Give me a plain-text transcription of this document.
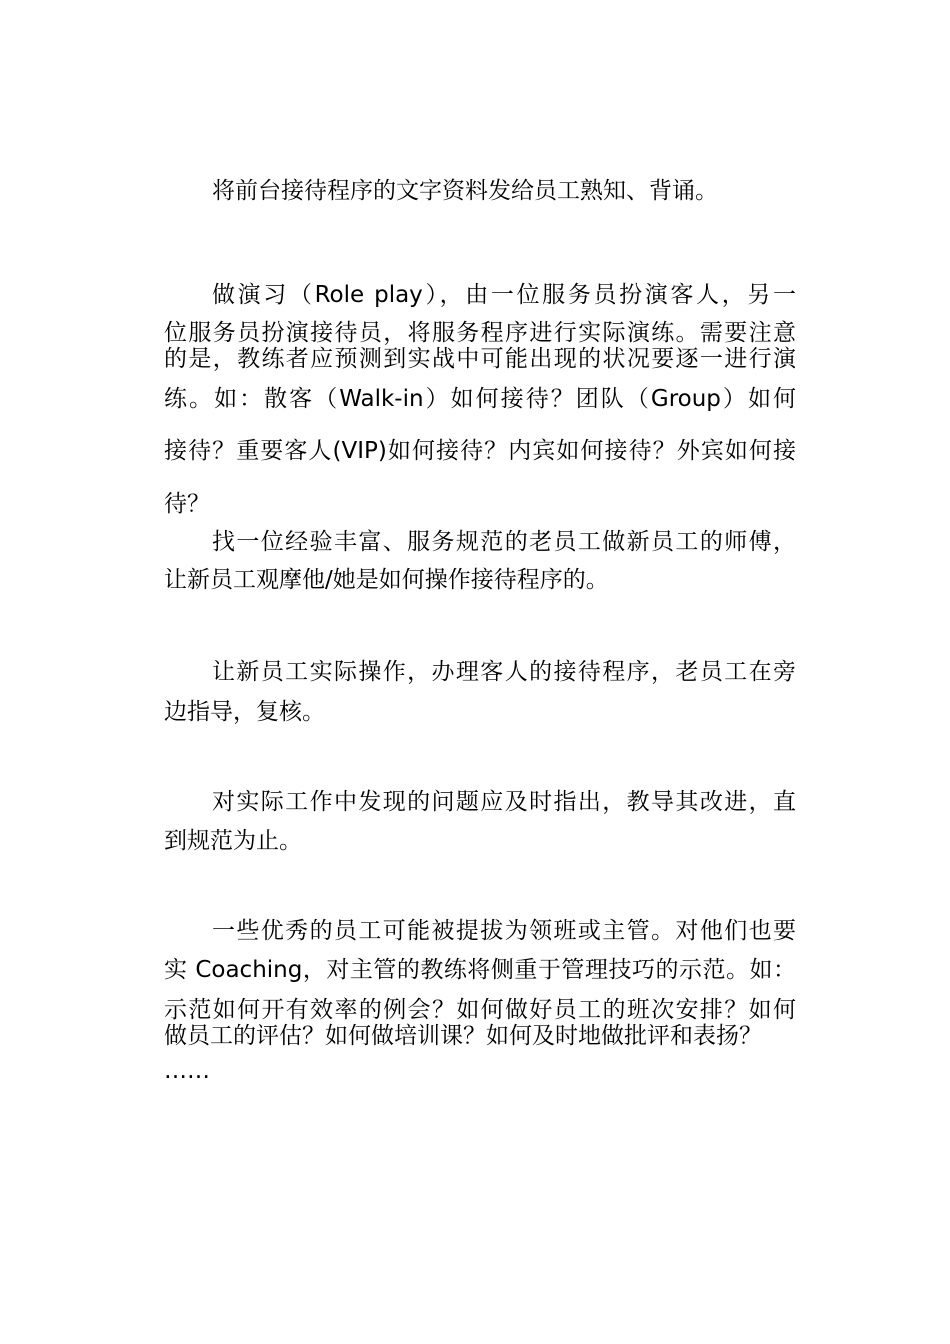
将前台接待程序的文字资料发给员工熟知、背诵。
做演习（Role play），由一位服务员扮演客人，另一
位服务员扮演接待员，将服务程序进行实际演练。需要注意
的是，教练者应预测到实战中可能出现的状况要逐一进行演
练。如：散客（Walk-in）如何接待？团队（Group）如何
接待？重要客人(VIP)如何接待？内宾如何接待？外宾如何接
待？
找一位经验丰富、服务规范的老员工做新员工的师傅，
让新员工观摩他/她是如何操作接待程序的。
让新员工实际操作，办理客人的接待程序，老员工在旁
边指导，复核。
对实际工作中发现的问题应及时指出，教导其改进，直
到规范为止。
一些优秀的员工可能被提拔为领班或主管。对他们也要
实 Coaching，对主管的教练将侧重于管理技巧的示范。如：
示范如何开有效率的例会？如何做好员工的班次安排？如何
做员工的评估？如何做培训课？如何及时地做批评和表扬？
……
